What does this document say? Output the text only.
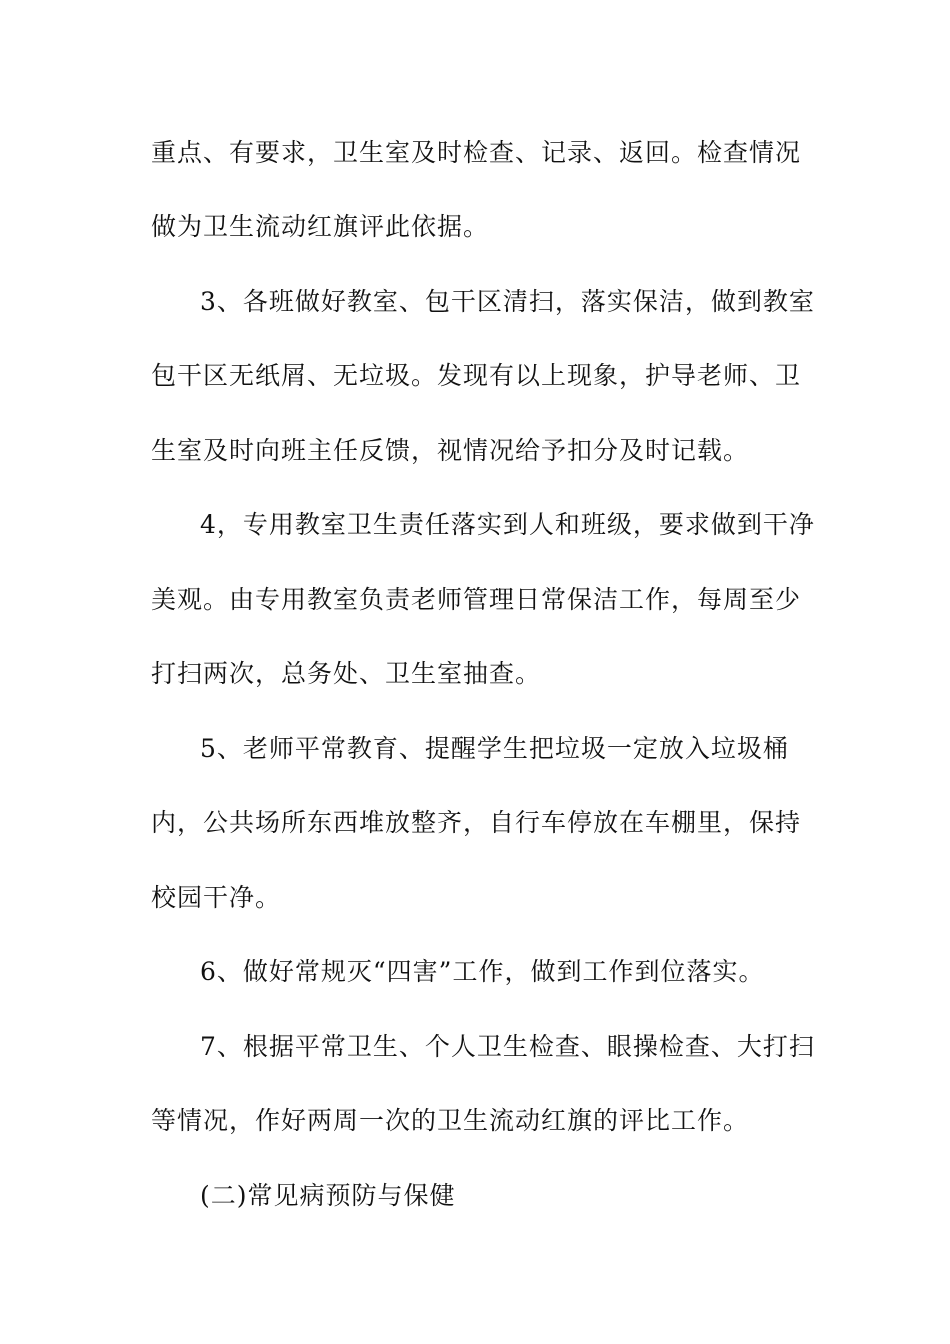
重点、有要求，卫生室及时检查、记录、返回。检查情况
做为卫生流动红旗评此依据。
3、各班做好教室、包干区清扫，落实保洁，做到教室
包干区无纸屑、无垃圾。发现有以上现象，护导老师、卫
生室及时向班主任反馈，视情况给予扣分及时记载。
4，专用教室卫生责任落实到人和班级，要求做到干净
美观。由专用教室负责老师管理日常保洁工作，每周至少
打扫两次，总务处、卫生室抽查。
5、老师平常教育、提醒学生把垃圾一定放入垃圾桶
内，公共场所东西堆放整齐，自行车停放在车棚里，保持
校园干净。
6、做好常规灭“四害”工作，做到工作到位落实。
7、根据平常卫生、个人卫生检查、眼操检查、大打扫
等情况，作好两周一次的卫生流动红旗的评比工作。
(二)常见病预防与保健
